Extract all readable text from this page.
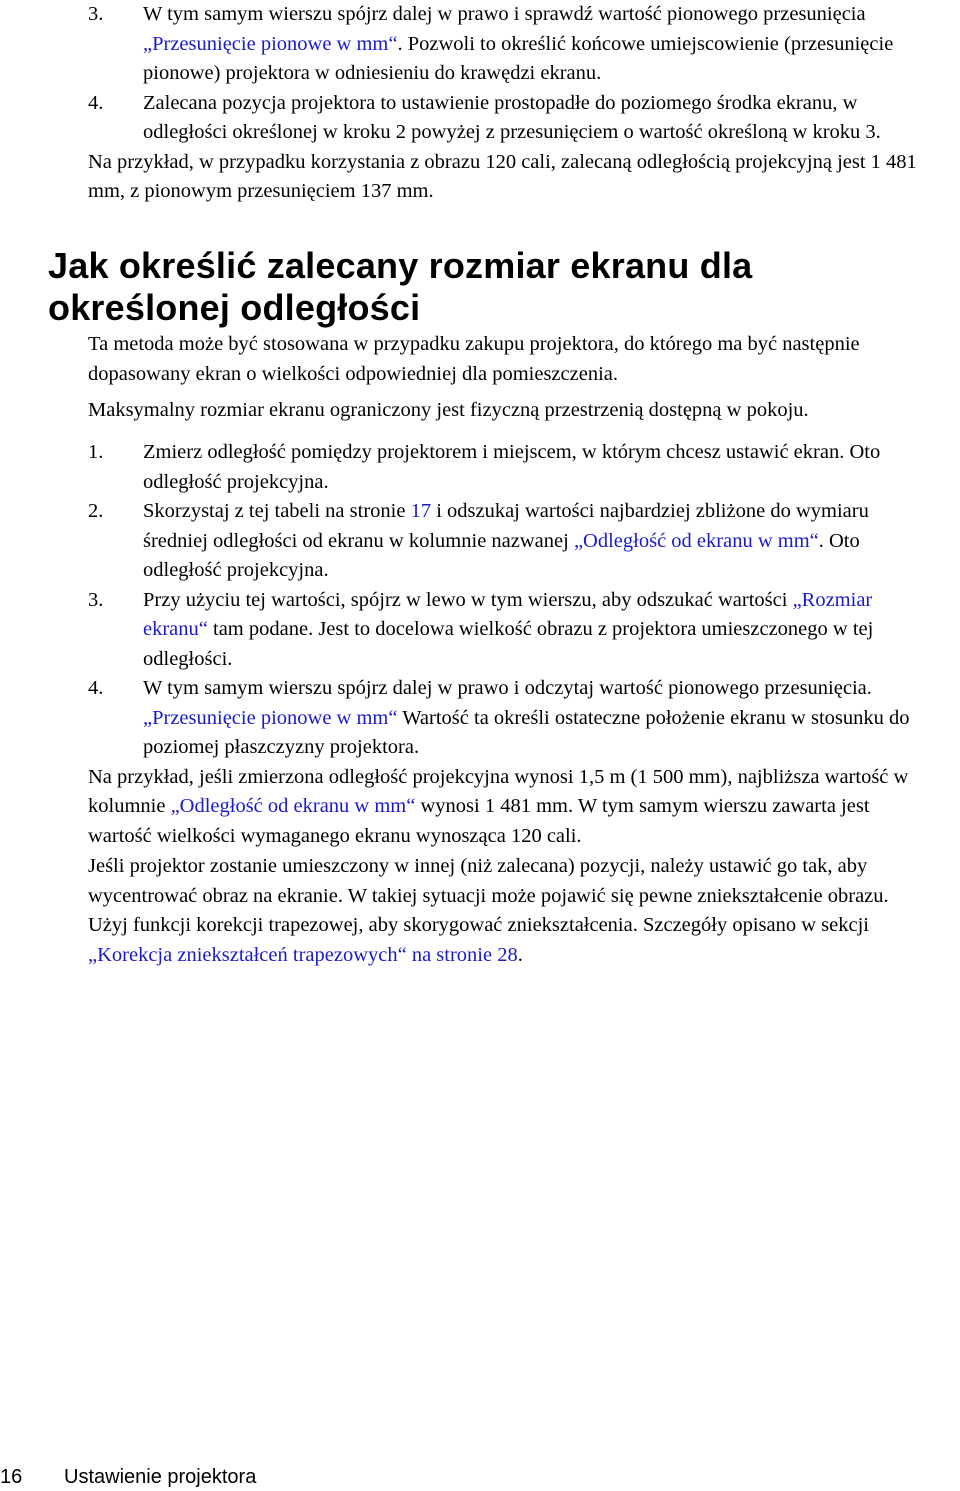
3. W tym samym wierszu spójrz dalej w prawo i sprawdź wartość pionowego przesunięcia „Przesunięcie pionowe w mm“. Pozwoli to określić końcowe umiejscowienie (przesunięcie pionowe) projektora w odniesieniu do krawędzi ekranu.
4. Zalecana pozycja projektora to ustawienie prostopadłe do poziomego środka ekranu, w odległości określonej w kroku 2 powyżej z przesunięciem o wartość określoną w kroku 3.
Na przykład, w przypadku korzystania z obrazu 120 cali, zalecaną odległością projekcyjną jest 1 481 mm, z pionowym przesunięciem 137 mm.
Jak określić zalecany rozmiar ekranu dla określonej odległości
Ta metoda może być stosowana w przypadku zakupu projektora, do którego ma być następnie dopasowany ekran o wielkości odpowiedniej dla pomieszczenia.
Maksymalny rozmiar ekranu ograniczony jest fizyczną przestrzenią dostępną w pokoju.
1. Zmierz odległość pomiędzy projektorem i miejscem, w którym chcesz ustawić ekran. Oto odległość projekcyjna.
2. Skorzystaj z tej tabeli na stronie 17 i odszukaj wartości najbardziej zbliżone do wymiaru średniej odległości od ekranu w kolumnie nazwanej „Odległość od ekranu w mm“. Oto odległość projekcyjna.
3. Przy użyciu tej wartości, spójrz w lewo w tym wierszu, aby odszukać wartości „Rozmiar ekranu“ tam podane. Jest to docelowa wielkość obrazu z projektora umieszczonego w tej odległości.
4. W tym samym wierszu spójrz dalej w prawo i odczytaj wartość pionowego przesunięcia.„Przesunięcie pionowe w mm“ Wartość ta określi ostateczne położenie ekranu w stosunku do poziomej płaszczyzny projektora.
Na przykład, jeśli zmierzona odległość projekcyjna wynosi 1,5 m (1 500 mm), najbliższa wartość w kolumnie „Odległość od ekranu w mm“ wynosi 1 481 mm. W tym samym wierszu zawarta jest wartość wielkości wymaganego ekranu wynosząca 120 cali.
Jeśli projektor zostanie umieszczony w innej (niż zalecana) pozycji, należy ustawić go tak, aby wycentrować obraz na ekranie. W takiej sytuacji może pojawić się pewne zniekształcenie obrazu. Użyj funkcji korekcji trapezowej, aby skorygować zniekształcenia. Szczegóły opisano w sekcji „Korekcja zniekształceń trapezowych“ na stronie 28.
16 Ustawienie projektora
